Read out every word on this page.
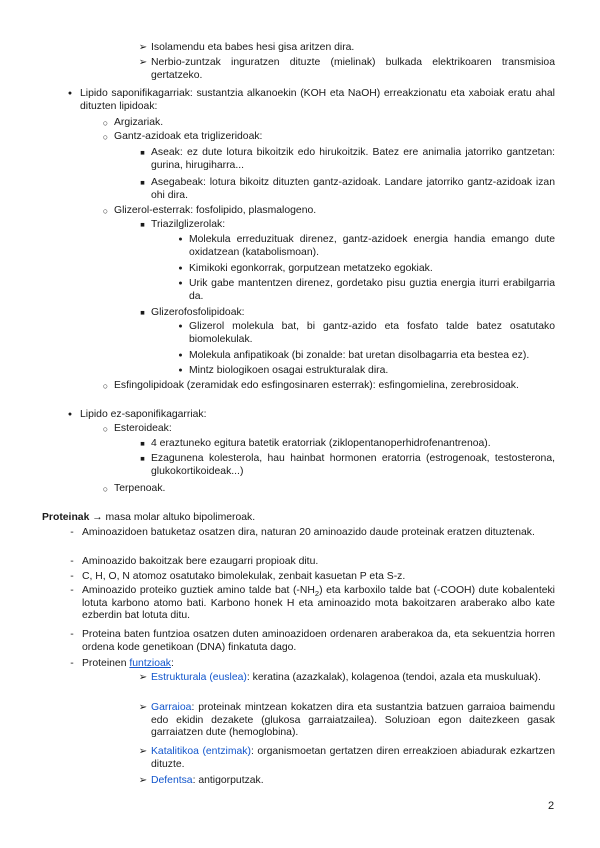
➢ Isolamendu eta babes hesi gisa aritzen dira.
➢ Nerbio-zuntzak inguratzen dituzte (mielinak) bulkada elektrikoaren transmisioa gertatzeko.
● Lipido saponifikagarriak: sustantzia alkanoekin (KOH eta NaOH) erreakzionatu eta xaboiak eratu ahal dituzten lipidoak:
○ Argizariak.
○ Gantz-azidoak eta triglizeridoak:
■ Aseak: ez dute lotura bikoitzik edo hirukoitzik. Batez ere animalia jatorriko gantzetan: gurina, hirugiharra...
■ Asegabeak: lotura bikoitz dituzten gantz-azidoak. Landare jatorriko gantz-azidoak izan ohi dira.
○ Glizerol-esterrak: fosfolipido, plasmalogeno.
■ Triazilglizerolak:
● Molekula erreduzituak direnez, gantz-azidoek energia handia emango dute oxidatzean (katabolismoan).
● Kimikoki egonkorrak, gorputzean metatzeko egokiak.
● Urik gabe mantentzen direnez, gordetako pisu guztia energia iturri erabilgarria da.
■ Glizerofosfolipidoak:
● Glizerol molekula bat, bi gantz-azido eta fosfato talde batez osatutako biomolekulak.
● Molekula anfipatikoak (bi zonalde: bat uretan disolbagarria eta bestea ez).
● Mintz biologikoen osagai estrukturalak dira.
○ Esfingolipidoak (zeramidak edo esfingosinaren esterrak): esfingomielina, zerebrosidoak.
● Lipido ez-saponifikagarriak:
○ Esteroideak:
■ 4 eraztuneko egitura batetik eratorriak (ziklopentanoperhidrofenantrenoa).
■ Ezagunena kolesterola, hau hainbat hormonen eratorria (estrogenoak, testosterona, glukokortikoideak...)
○ Terpenoak.
Proteinak → masa molar altuko bipolimeroak.
- Aminoazidoen batuketaz osatzen dira, naturan 20 aminoazido daude proteinak eratzen dituztenak.
- Aminoazido bakoitzak bere ezaugarri propioak ditu.
- C, H, O, N atomoz osatutako bimolekulak, zenbait kasuetan P eta S-z.
- Aminoazido proteiko guztiek amino talde bat $(-NH_2)$ eta karboxilo talde bat (-COOH) dute kobalenteki lotuta karbono atomo bati. Karbono honek H eta aminoazido mota bakoitzaren araberako albo kate ezberdin bat lotuta ditu.
- Proteina baten funtzioa osatzen duten aminoazidoen ordenaren araberakoa da, eta sekuentzia horren ordena kode genetikoan (DNA) finkatuta dago.
- Proteinen funtzioak:
➢ Estrukturala (euslea): keratina (azazkalak), kolagenoa (tendoi, azala eta muskuluak).
➢ Garraioa: proteinak mintzean kokatzen dira eta sustantzia batzuen garraioa baimendu edo ekidin dezakete (glukosa garraiatzailea). Soluzioan egon daitezkeen gasak garraiatzen dute (hemoglobina).
➢ Katalitikoa (entzimak): organismoetan gertatzen diren erreakzioen abiadurak ezkartzen dituzte.
➢ Defentsa: antigorputzak.
2
